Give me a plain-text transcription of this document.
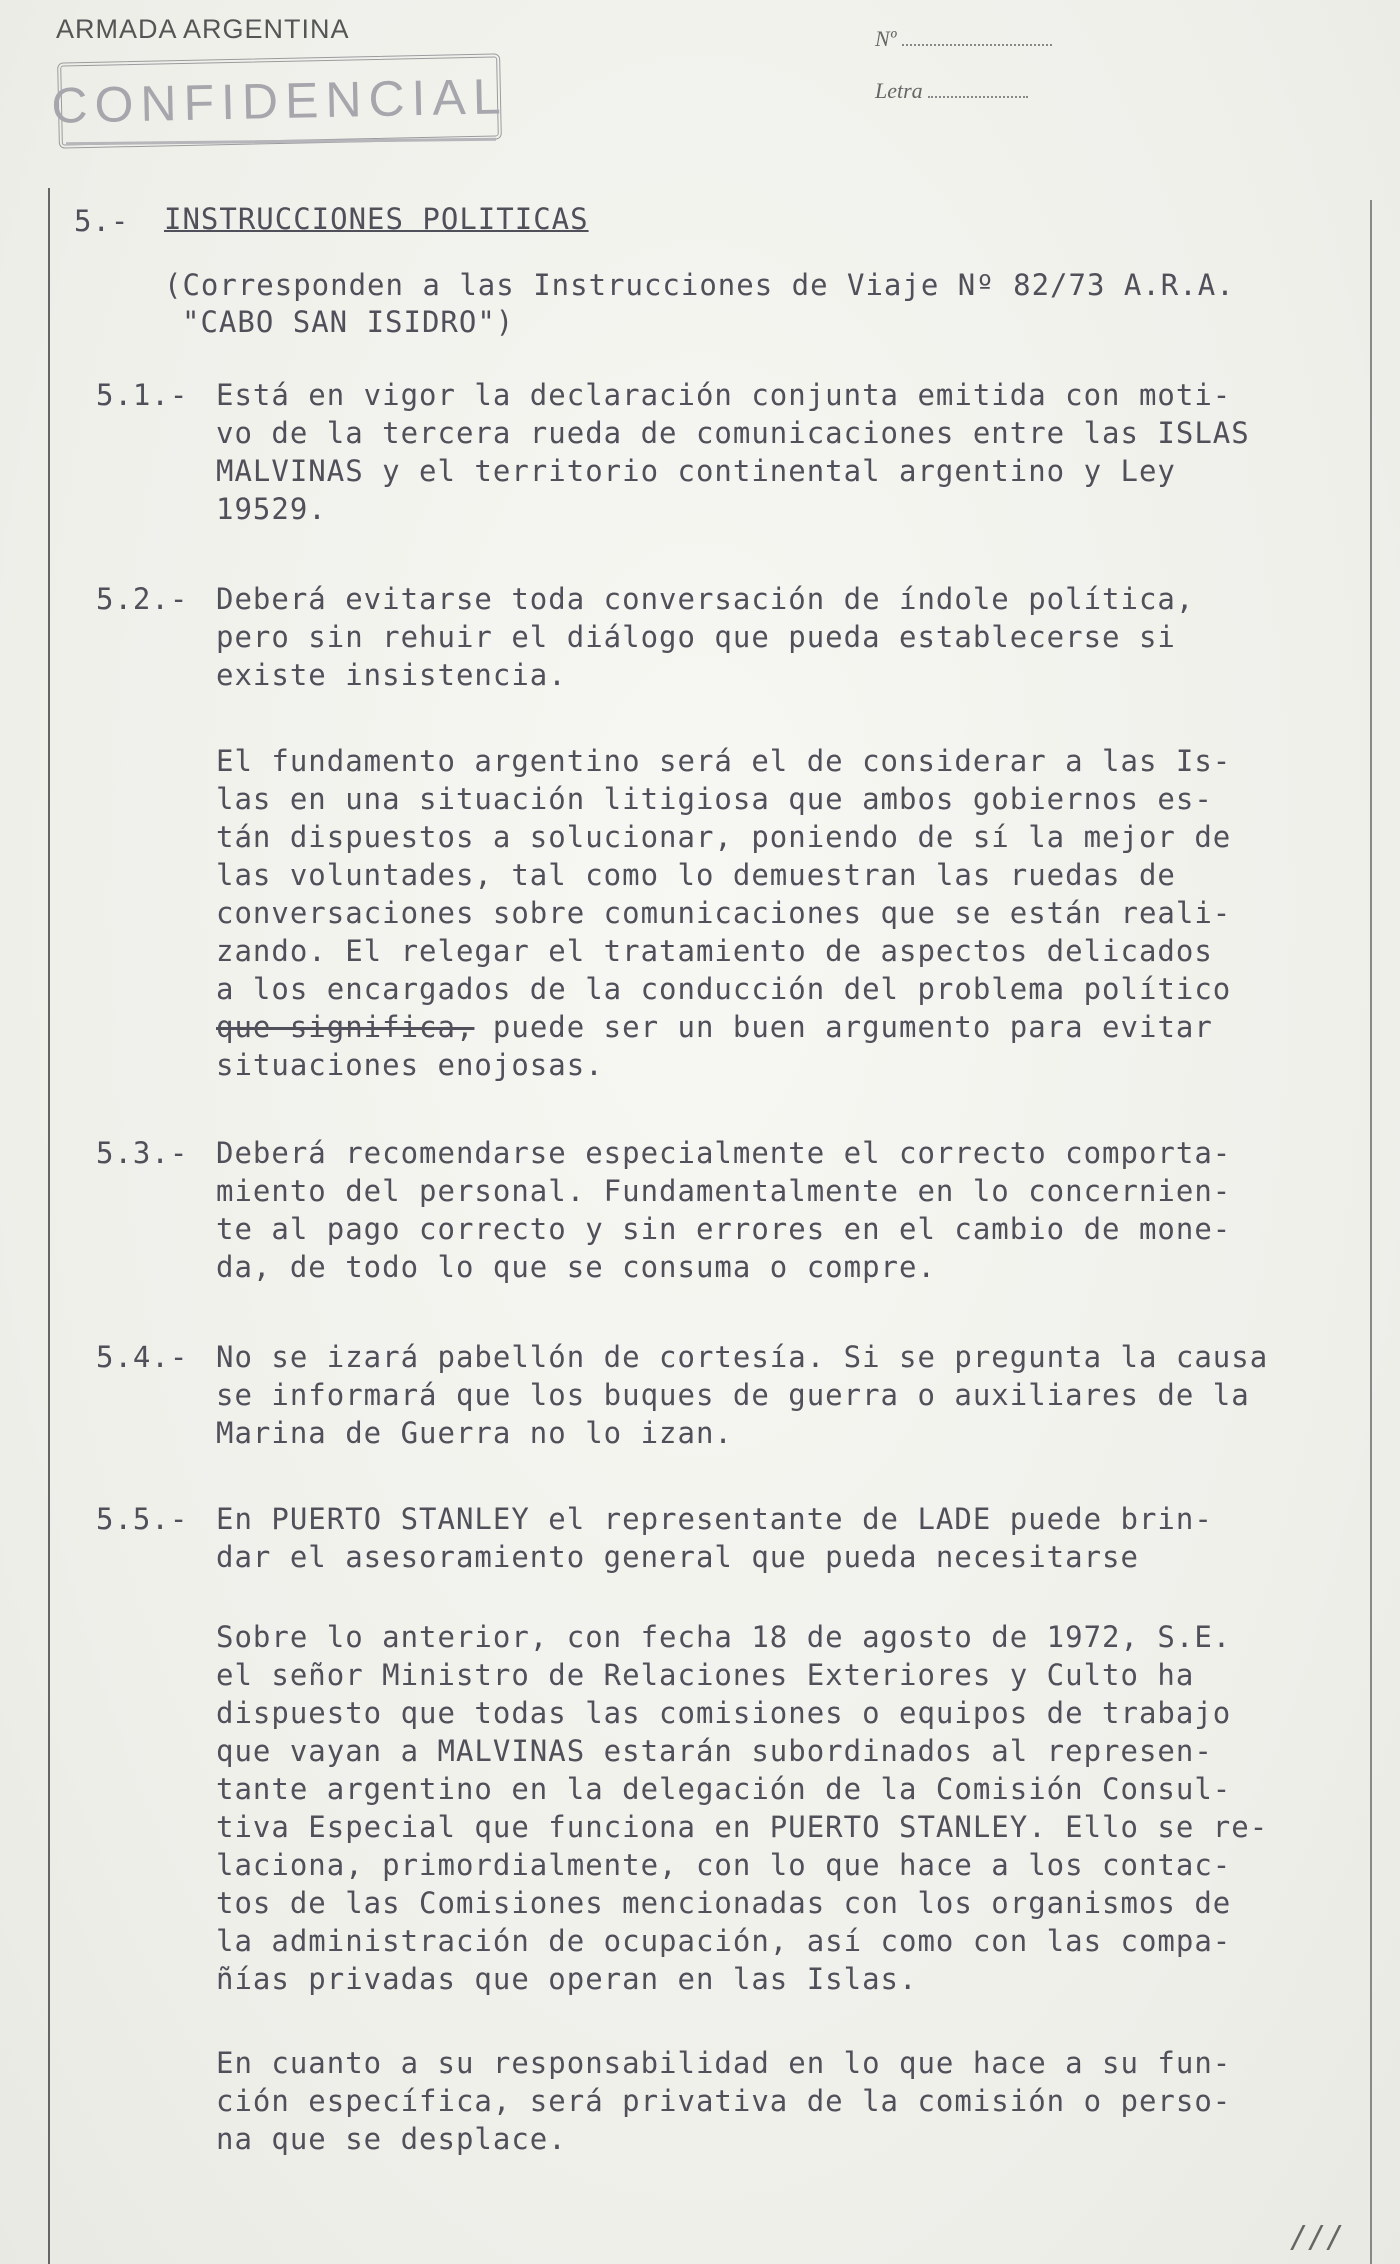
ARMADA ARGENTINA
CONFIDENCIAL
Nº
Letra
5.- INSTRUCCIONES POLITICAS
(Corresponden a las Instrucciones de Viaje Nº 82/73 A.R.A.
"CABO SAN ISIDRO")
5.1.- Está en vigor la declaración conjunta emitida con moti-
vo de la tercera rueda de comunicaciones entre las ISLAS
MALVINAS y el territorio continental argentino y Ley
19529.
5.2.- Deberá evitarse toda conversación de índole política,
pero sin rehuir el diálogo que pueda establecerse si
existe insistencia.
El fundamento argentino será el de considerar a las Is-
las en una situación litigiosa que ambos gobiernos es-
tán dispuestos a solucionar, poniendo de sí la mejor de
las voluntades, tal como lo demuestran las ruedas de
conversaciones sobre comunicaciones que se están reali-
zando. El relegar el tratamiento de aspectos delicados
a los encargados de la conducción del problema político
que significa, puede ser un buen argumento para evitar
situaciones enojosas.
5.3.- Deberá recomendarse especialmente el correcto comporta-
miento del personal. Fundamentalmente en lo concernien-
te al pago correcto y sin errores en el cambio de mone-
da, de todo lo que se consuma o compre.
5.4.- No se izará pabellón de cortesía. Si se pregunta la causa
se informará que los buques de guerra o auxiliares de la
Marina de Guerra no lo izan.
5.5.- En PUERTO STANLEY el representante de LADE puede brin-
dar el asesoramiento general que pueda necesitarse
Sobre lo anterior, con fecha 18 de agosto de 1972, S.E.
el señor Ministro de Relaciones Exteriores y Culto ha
dispuesto que todas las comisiones o equipos de trabajo
que vayan a MALVINAS estarán subordinados al represen-
tante argentino en la delegación de la Comisión Consul-
tiva Especial que funciona en PUERTO STANLEY. Ello se re-
laciona, primordialmente, con lo que hace a los contac-
tos de las Comisiones mencionadas con los organismos de
la administración de ocupación, así como con las compa-
ñías privadas que operan en las Islas.
En cuanto a su responsabilidad en lo que hace a su fun-
ción específica, será privativa de la comisión o perso-
na que se desplace.
///
